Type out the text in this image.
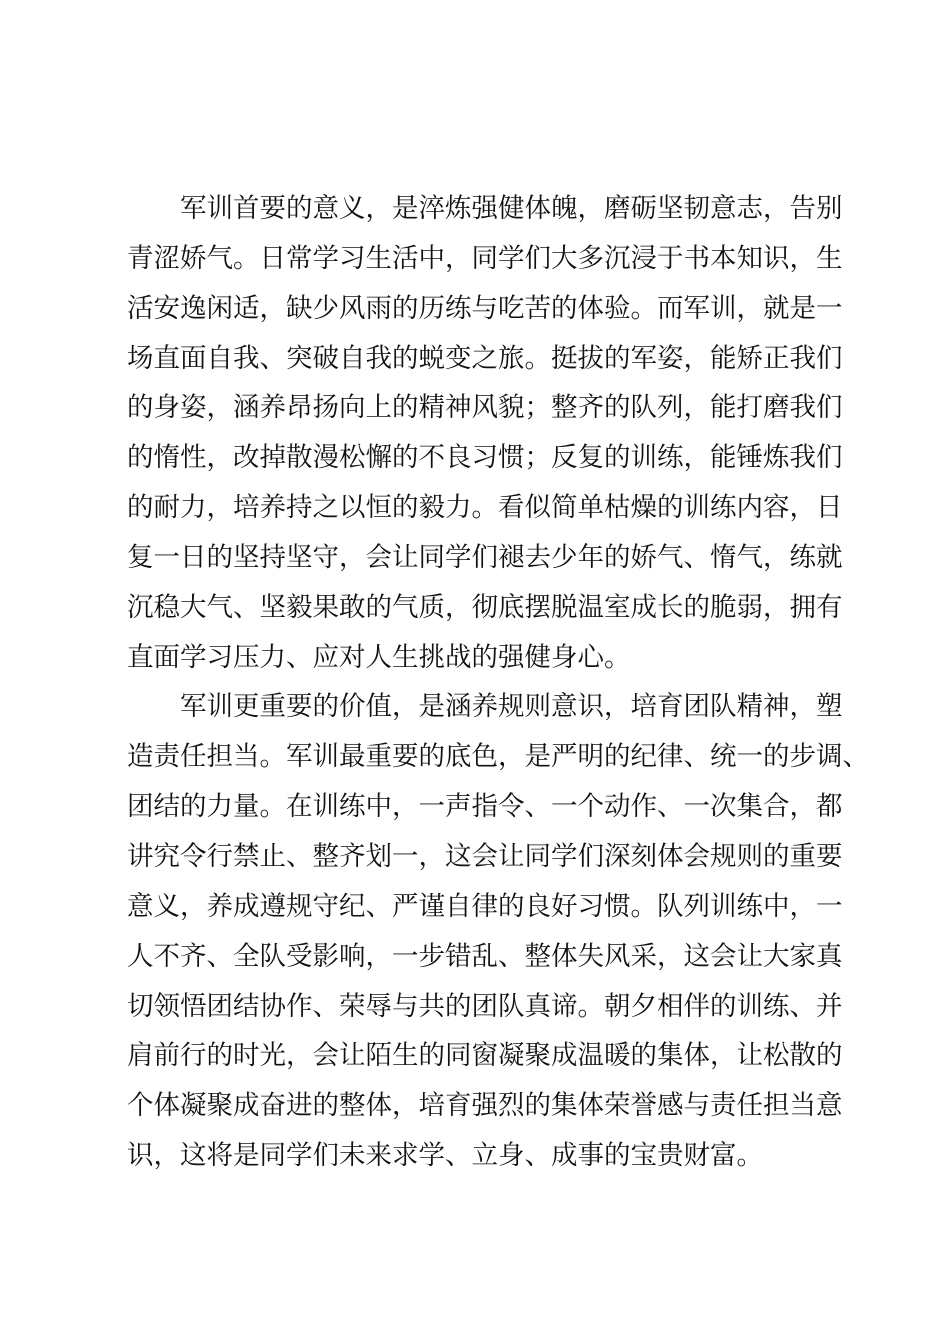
军训首要的意义，是淬炼强健体魄，磨砺坚韧意志，告别
青涩娇气。日常学习生活中，同学们大多沉浸于书本知识，生
活安逸闲适，缺少风雨的历练与吃苦的体验。而军训，就是一
场直面自我、突破自我的蜕变之旅。挺拔的军姿，能矫正我们
的身姿，涵养昂扬向上的精神风貌；整齐的队列，能打磨我们
的惰性，改掉散漫松懈的不良习惯；反复的训练，能锤炼我们
的耐力，培养持之以恒的毅力。看似简单枯燥的训练内容，日
复一日的坚持坚守，会让同学们褪去少年的娇气、惰气，练就
沉稳大气、坚毅果敢的气质，彻底摆脱温室成长的脆弱，拥有
直面学习压力、应对人生挑战的强健身心。

军训更重要的价值，是涵养规则意识，培育团队精神，塑
造责任担当。军训最重要的底色，是严明的纪律、统一的步调、
团结的力量。在训练中，一声指令、一个动作、一次集合，都
讲究令行禁止、整齐划一，这会让同学们深刻体会规则的重要
意义，养成遵规守纪、严谨自律的良好习惯。队列训练中，一
人不齐、全队受影响，一步错乱、整体失风采，这会让大家真
切领悟团结协作、荣辱与共的团队真谛。朝夕相伴的训练、并
肩前行的时光，会让陌生的同窗凝聚成温暖的集体，让松散的
个体凝聚成奋进的整体，培育强烈的集体荣誉感与责任担当意
识，这将是同学们未来求学、立身、成事的宝贵财富。
